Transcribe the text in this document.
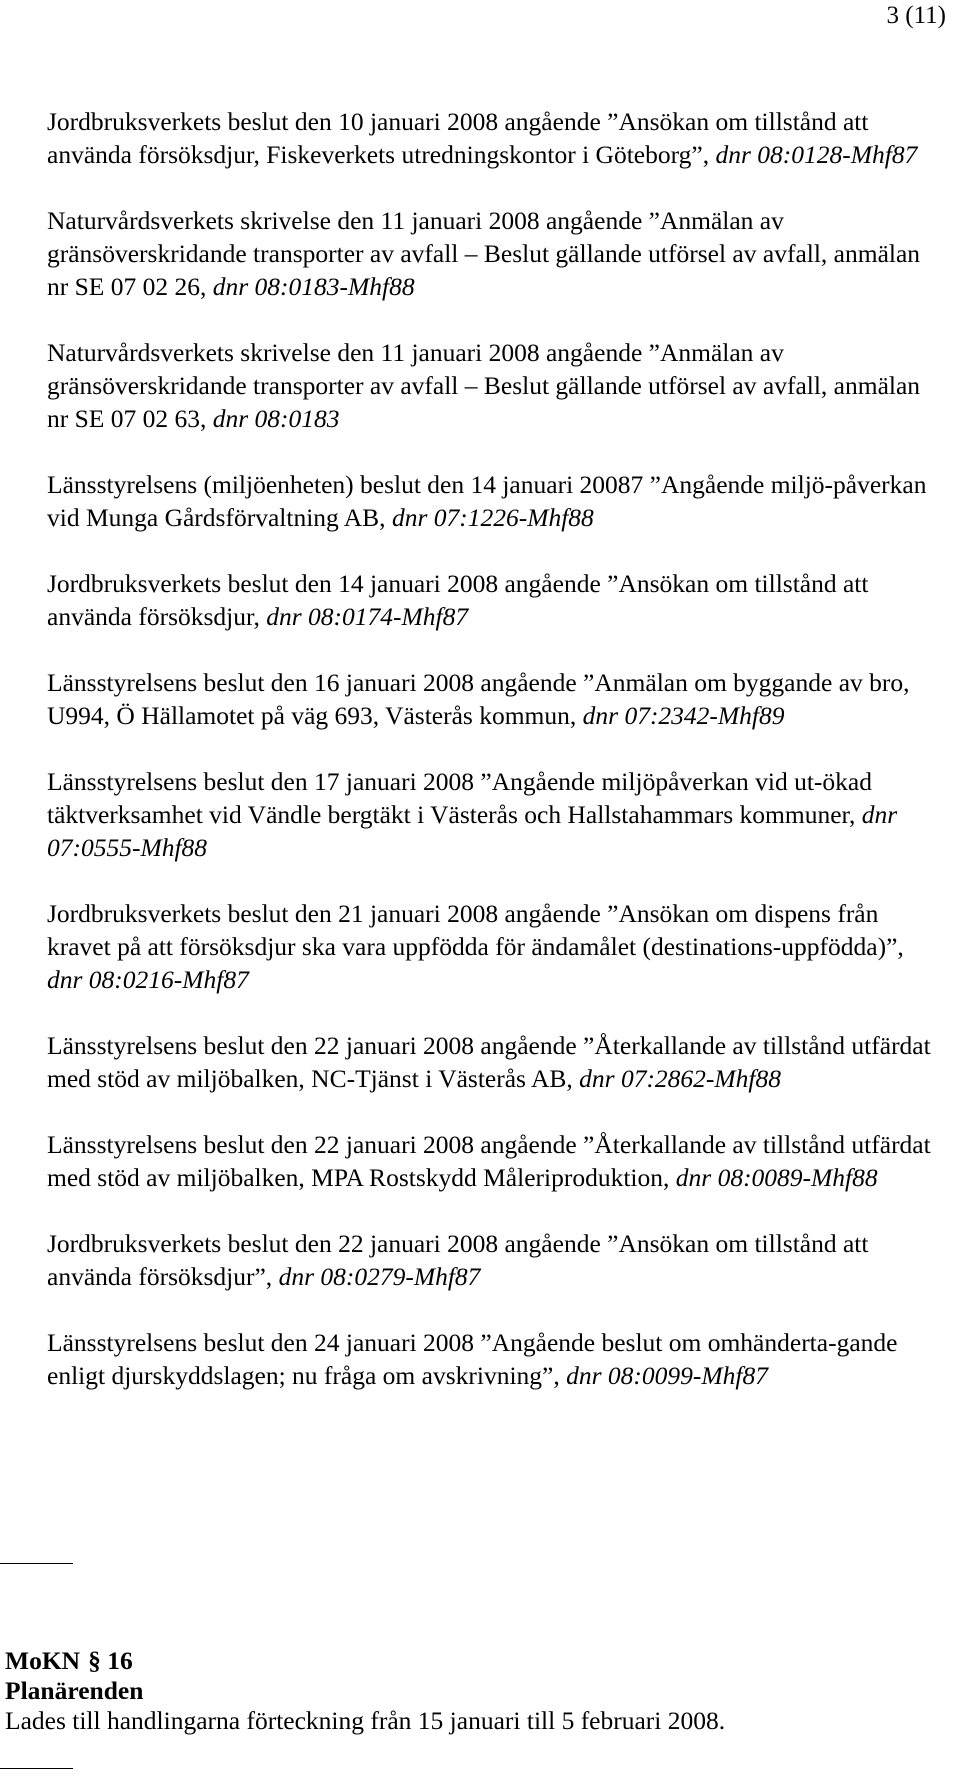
3 (11)

Jordbruksverkets beslut den 10 januari 2008 angående ”Ansökan om tillstånd att använda försöksdjur, Fiskeverkets utredningskontor i Göteborg”, dnr 08:0128-Mhf87

Naturvårdsverkets skrivelse den 11 januari 2008 angående ”Anmälan av gränsöverskridande transporter av avfall – Beslut gällande utförsel av avfall, anmälan nr SE 07 02 26, dnr 08:0183-Mhf88

Naturvårdsverkets skrivelse den 11 januari 2008 angående ”Anmälan av gränsöverskridande transporter av avfall – Beslut gällande utförsel av avfall, anmälan nr SE 07 02 63, dnr 08:0183

Länsstyrelsens (miljöenheten) beslut den 14 januari 20087 ”Angående miljö-påverkan vid Munga Gårdsförvaltning AB, dnr 07:1226-Mhf88

Jordbruksverkets beslut den 14 januari 2008 angående ”Ansökan om tillstånd att använda försöksdjur, dnr 08:0174-Mhf87

Länsstyrelsens beslut den 16 januari 2008 angående ”Anmälan om byggande av bro, U994, Ö Hällamotet på väg 693, Västerås kommun, dnr 07:2342-Mhf89

Länsstyrelsens beslut den 17 januari 2008 ”Angående miljöpåverkan vid ut-ökad täktverksamhet vid Vändle bergtäkt i Västerås och Hallstahammars kommuner, dnr 07:0555-Mhf88

Jordbruksverkets beslut den 21 januari 2008 angående ”Ansökan om dispens från kravet på att försöksdjur ska vara uppfödda för ändamålet (destinations-uppfödda)”, dnr 08:0216-Mhf87

Länsstyrelsens beslut den 22 januari 2008 angående ”Återkallande av tillstånd utfärdat med stöd av miljöbalken, NC-Tjänst i Västerås AB, dnr 07:2862-Mhf88

Länsstyrelsens beslut den 22 januari 2008 angående ”Återkallande av tillstånd utfärdat med stöd av miljöbalken, MPA Rostskydd Måleriproduktion, dnr 08:0089-Mhf88

Jordbruksverkets beslut den 22 januari 2008 angående ”Ansökan om tillstånd att använda försöksdjur”, dnr 08:0279-Mhf87

Länsstyrelsens beslut den 24 januari 2008 ”Angående beslut om omhänderta-gande enligt djurskyddslagen; nu fråga om avskrivning”, dnr 08:0099-Mhf87

MoKN § 16
Planärenden
Lades till handlingarna förteckning från 15 januari till 5 februari 2008.
